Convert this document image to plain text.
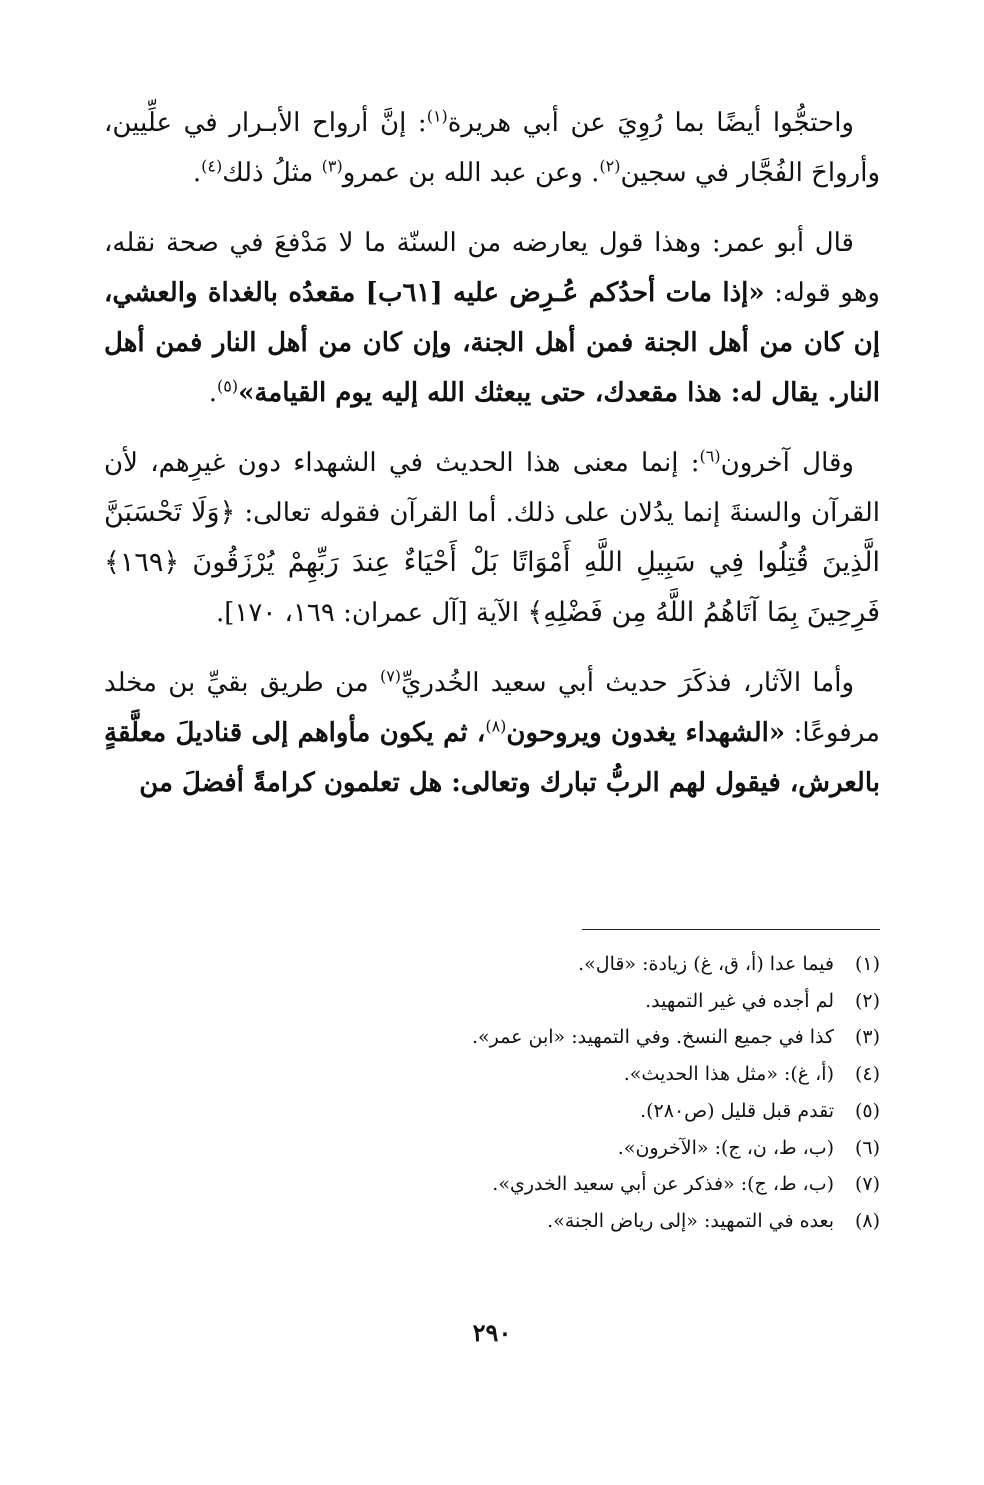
واحتجُّوا أيضًا بما رُوِيَ عن أبي هريرة$^{(١)}$: إنَّ أرواح الأبـرار في علِّيين، وأرواحَ الفُجَّار في سجين$^{(٢)}$. وعن عبد الله بن عمرو$^{(٣)}$ مثلُ ذلك$^{(٤)}$.

قال أبو عمر: وهذا قول يعارضه من السنّة ما لا مَدْفعَ في صحة نقله، وهو قوله: «إذا مات أحدُكم عُـرِض عليه [٦١ب] مقعدُه بالغداة والعشي، إن كان من أهل الجنة فمن أهل الجنة، وإن كان من أهل النار فمن أهل النار. يقال له: هذا مقعدك، حتى يبعثك الله إليه يوم القيامة»$^{(٥)}$.

وقال آخرون$^{(٦)}$: إنما معنى هذا الحديث في الشهداء دون غيرِهم، لأن القرآن والسنةَ إنما يدُلان على ذلك. أما القرآن فقوله تعالى: ﴿وَلَا تَحْسَبَنَّ الَّذِينَ قُتِلُوا فِي سَبِيلِ اللَّهِ أَمْوَاتًا بَلْ أَحْيَاءٌ عِندَ رَبِّهِمْ يُرْزَقُونَ ﴿١٦٩﴾ فَرِحِينَ بِمَا آتَاهُمُ اللَّهُ مِن فَضْلِهِ﴾ الآية [آل عمران: ١٦٩، ١٧٠].

وأما الآثار، فذكَرَ حديث أبي سعيد الخُدريِّ$^{(٧)}$ من طريق بقيِّ بن مخلد مرفوعًا: «الشهداء يغدون ويروحون$^{(٨)}$، ثم يكون مأواهم إلى قناديلَ معلَّقةٍ بالعرش، فيقول لهم الربُّ تبارك وتعالى: هل تعلمون كرامةً أفضلَ من

(١)فيما عدا (أ، ق، غ) زيادة: «قال».
(٢)لم أجده في غير التمهيد.
(٣)كذا في جميع النسخ. وفي التمهيد: «ابن عمر».
(٤)(أ، غ): «مثل هذا الحديث».
(٥)تقدم قبل قليل (ص٢٨٠).
(٦)(ب، ط، ن، ج): «الآخرون».
(٧)(ب، ط، ج): «فذكر عن أبي سعيد الخدري».
(٨)بعده في التمهيد: «إلى رياض الجنة».
٢٩٠
